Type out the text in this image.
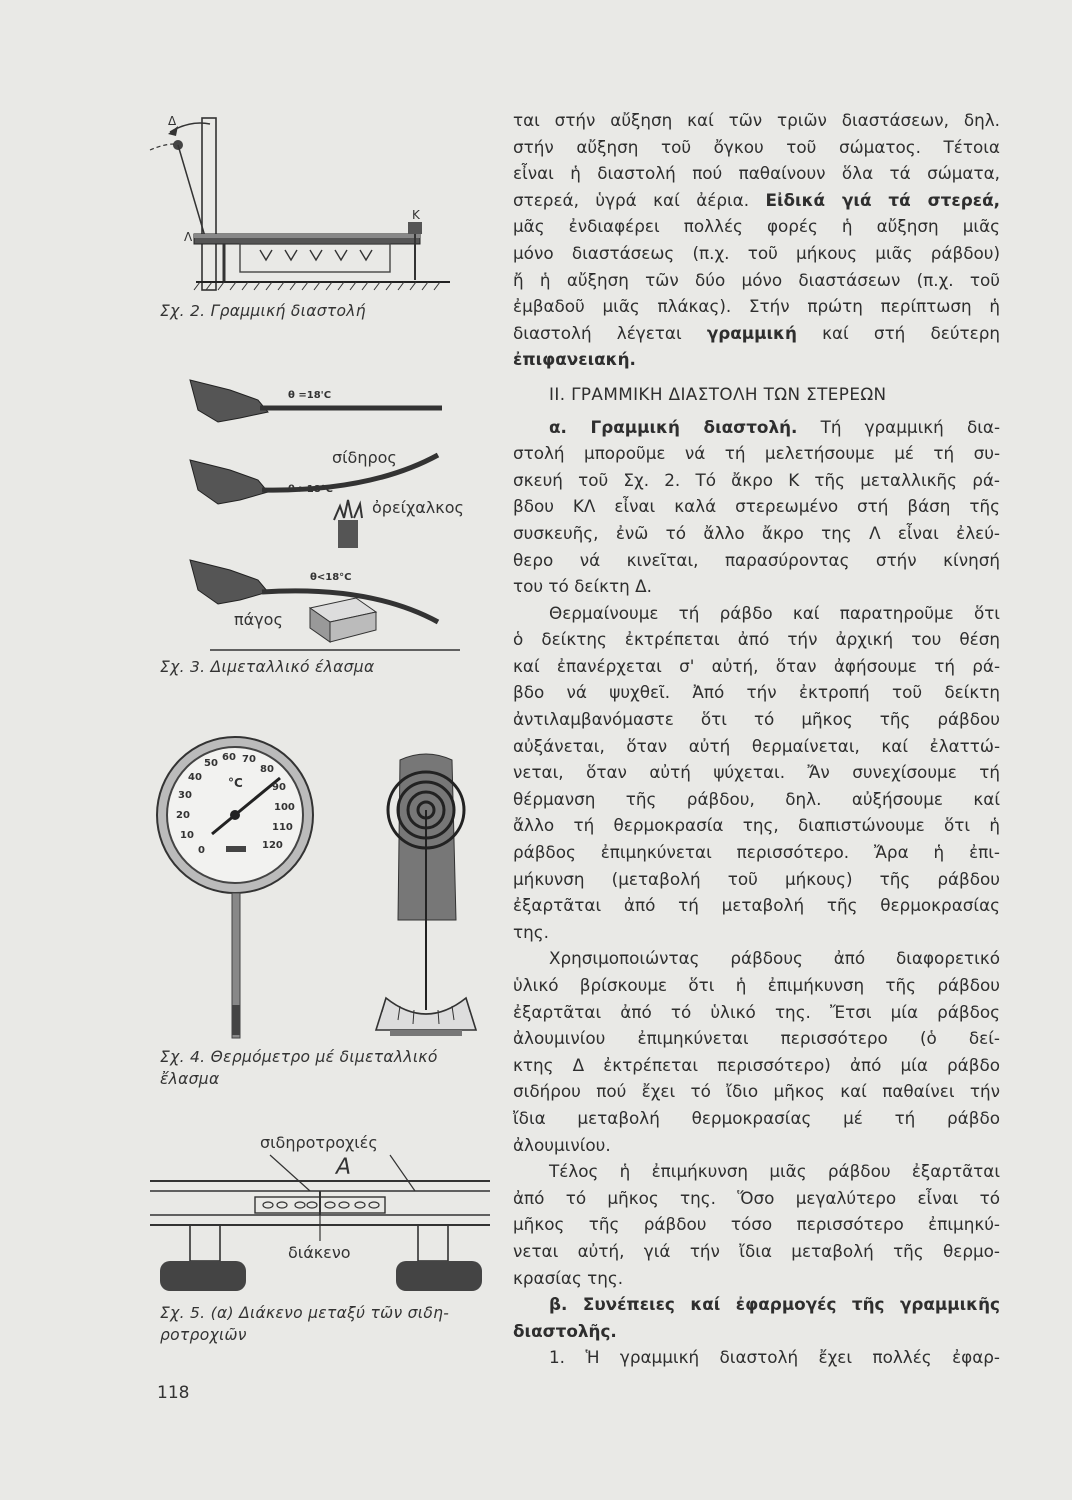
Δ
Λ
Κ
Σχ. 2. Γραμμική διαστολή
θ =18'C
σίδηρος
θ >18°C
ὀρείχαλκος
θ<18°C
πάγος
Σχ. 3. Διμεταλλικό έλασμα
0
10
20
30
40
50
60 70
80
90
100
110
120
°C
Σχ. 4. Θερμόμετρο μέ διμεταλλικό
ἔλασμα
σιδηροτροχιές
Α
διάκενο
Σχ. 5. (α) Διάκενο μεταξύ τῶν σιδη-
ροτροχιῶν

ται στήν αὔξηση καί τῶν τριῶν διαστάσεων, δηλ.

στήν αὔξηση τοῦ ὄγκου τοῦ σώματος. Τέτοια

εἶναι ἡ διαστολή πού παθαίνουν ὅλα τά σώματα,

στερεά, ὑγρά καί ἀέρια. Εἰδικά γιά τά στερεά,

μᾶς ἐνδιαφέρει πολλές φορές ἡ αὔξηση μιᾶς

μόνο διαστάσεως (π.χ. τοῦ μήκους μιᾶς ράβδου)

ἤ ἡ αὔξηση τῶν δύο μόνο διαστάσεων (π.χ. τοῦ

ἐμβαδοῦ μιᾶς πλάκας). Στήν πρώτη περίπτωση ἡ

διαστολή λέγεται γραμμική καί στή δεύτερη

ἐπιφανειακή.

ΙΙ. ΓΡΑΜΜΙΚΗ ΔΙΑΣΤΟΛΗ ΤΩΝ ΣΤΕΡΕΩΝ

α. Γραμμική διαστολή. Τή γραμμική δια-

στολή μποροῦμε νά τή μελετήσουμε μέ τή συ-

σκευή τοῦ Σχ. 2. Τό ἄκρο Κ τῆς μεταλλικῆς ρά-

βδου ΚΛ εἶναι καλά στερεωμένο στή βάση τῆς

συσκευῆς, ἐνῶ τό ἄλλο ἄκρο της Λ εἶναι ἐλεύ-

θερο νά κινεῖται, παρασύροντας στήν κίνησή

του τό δείκτη Δ.

Θερμαίνουμε τή ράβδο καί παρατηροῦμε ὅτι

ὁ δείκτης ἐκτρέπεται ἀπό τήν ἀρχική του θέση

καί ἐπανέρχεται σ' αὐτή, ὅταν ἀφήσουμε τή ρά-

βδο νά ψυχθεῖ. Ἀπό τήν ἐκτροπή τοῦ δείκτη

ἀντιλαμβανόμαστε ὅτι τό μῆκος τῆς ράβδου

αὐξάνεται, ὅταν αὐτή θερμαίνεται, καί ἐλαττώ-

νεται, ὅταν αὐτή ψύχεται. Ἄν συνεχίσουμε τή

θέρμανση τῆς ράβδου, δηλ. αὐξήσουμε καί

ἄλλο τή θερμοκρασία της, διαπιστώνουμε ὅτι ἡ

ράβδος ἐπιμηκύνεται περισσότερο. Ἄρα ἡ ἐπι-

μήκυνση (μεταβολή τοῦ μήκους) τῆς ράβδου

ἐξαρτᾶται ἀπό τή μεταβολή τῆς θερμοκρασίας

της.

Χρησιμοποιώντας ράβδους ἀπό διαφορετικό

ὑλικό βρίσκουμε ὅτι ἡ ἐπιμήκυνση τῆς ράβδου

ἐξαρτᾶται ἀπό τό ὑλικό της. Ἔτσι μία ράβδος

ἀλουμινίου ἐπιμηκύνεται περισσότερο (ὁ δεί-

κτης Δ ἐκτρέπεται περισσότερο) ἀπό μία ράβδο

σιδήρου πού ἔχει τό ἴδιο μῆκος καί παθαίνει τήν

ἴδια μεταβολή θερμοκρασίας μέ τή ράβδο

ἀλουμινίου.

Τέλος ἡ ἐπιμήκυνση μιᾶς ράβδου ἐξαρτᾶται

ἀπό τό μῆκος της. Ὅσο μεγαλύτερο εἶναι τό

μῆκος τῆς ράβδου τόσο περισσότερο ἐπιμηκύ-

νεται αὐτή, γιά τήν ἴδια μεταβολή τῆς θερμο-

κρασίας της.

β. Συνέπειες καί ἐφαρμογές τῆς γραμμικῆς

διαστολῆς.

1. Ἡ γραμμική διαστολή ἔχει πολλές ἐφαρ-

118
